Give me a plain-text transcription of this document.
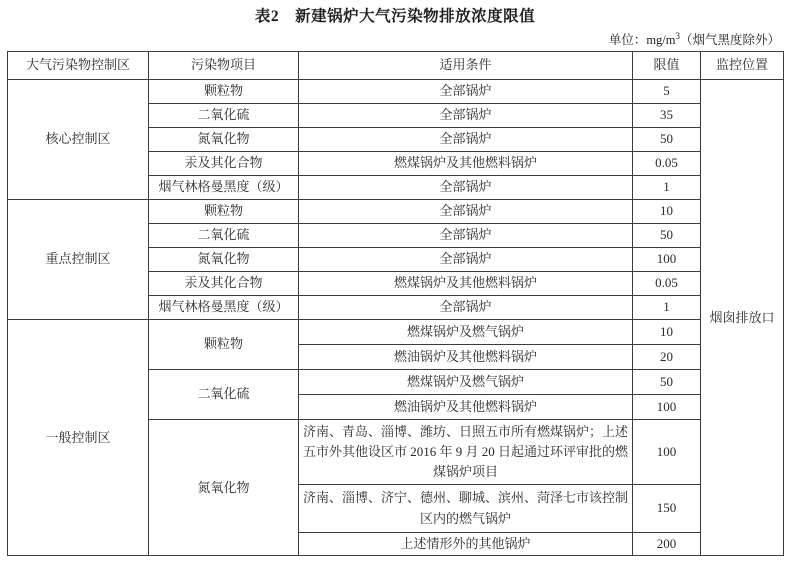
表2　新建锅炉大气污染物排放浓度限值
单位：$mg/m^3$（烟气黑度除外）
大气污染物控制区	污染物项目	适用条件	限值	监控位置
核心控制区	颗粒物	全部锅炉	5	烟囱排放口
	二氧化硫	全部锅炉	35	
	氮氧化物	全部锅炉	50	
	汞及其化合物	燃煤锅炉及其他燃料锅炉	0.05	
	烟气林格曼黑度（级）	全部锅炉	1	
重点控制区	颗粒物	全部锅炉	10	
	二氧化硫	全部锅炉	50	
	氮氧化物	全部锅炉	100	
	汞及其化合物	燃煤锅炉及其他燃料锅炉	0.05	
	烟气林格曼黑度（级）	全部锅炉	1	
一般控制区	颗粒物	燃煤锅炉及燃气锅炉	10	
		燃油锅炉及其他燃料锅炉	20	
	二氧化硫	燃煤锅炉及燃气锅炉	50	
		燃油锅炉及其他燃料锅炉	100	
	氮氧化物	济南、青岛、淄博、潍坊、日照五市所有燃煤锅炉；上述五市外其他设区市 2016 年 9 月 20 日起通过环评审批的燃煤锅炉项目	100	
		济南、淄博、济宁、德州、聊城、滨州、菏泽七市该控制区内的燃气锅炉	150	
		上述情形外的其他锅炉	200	
